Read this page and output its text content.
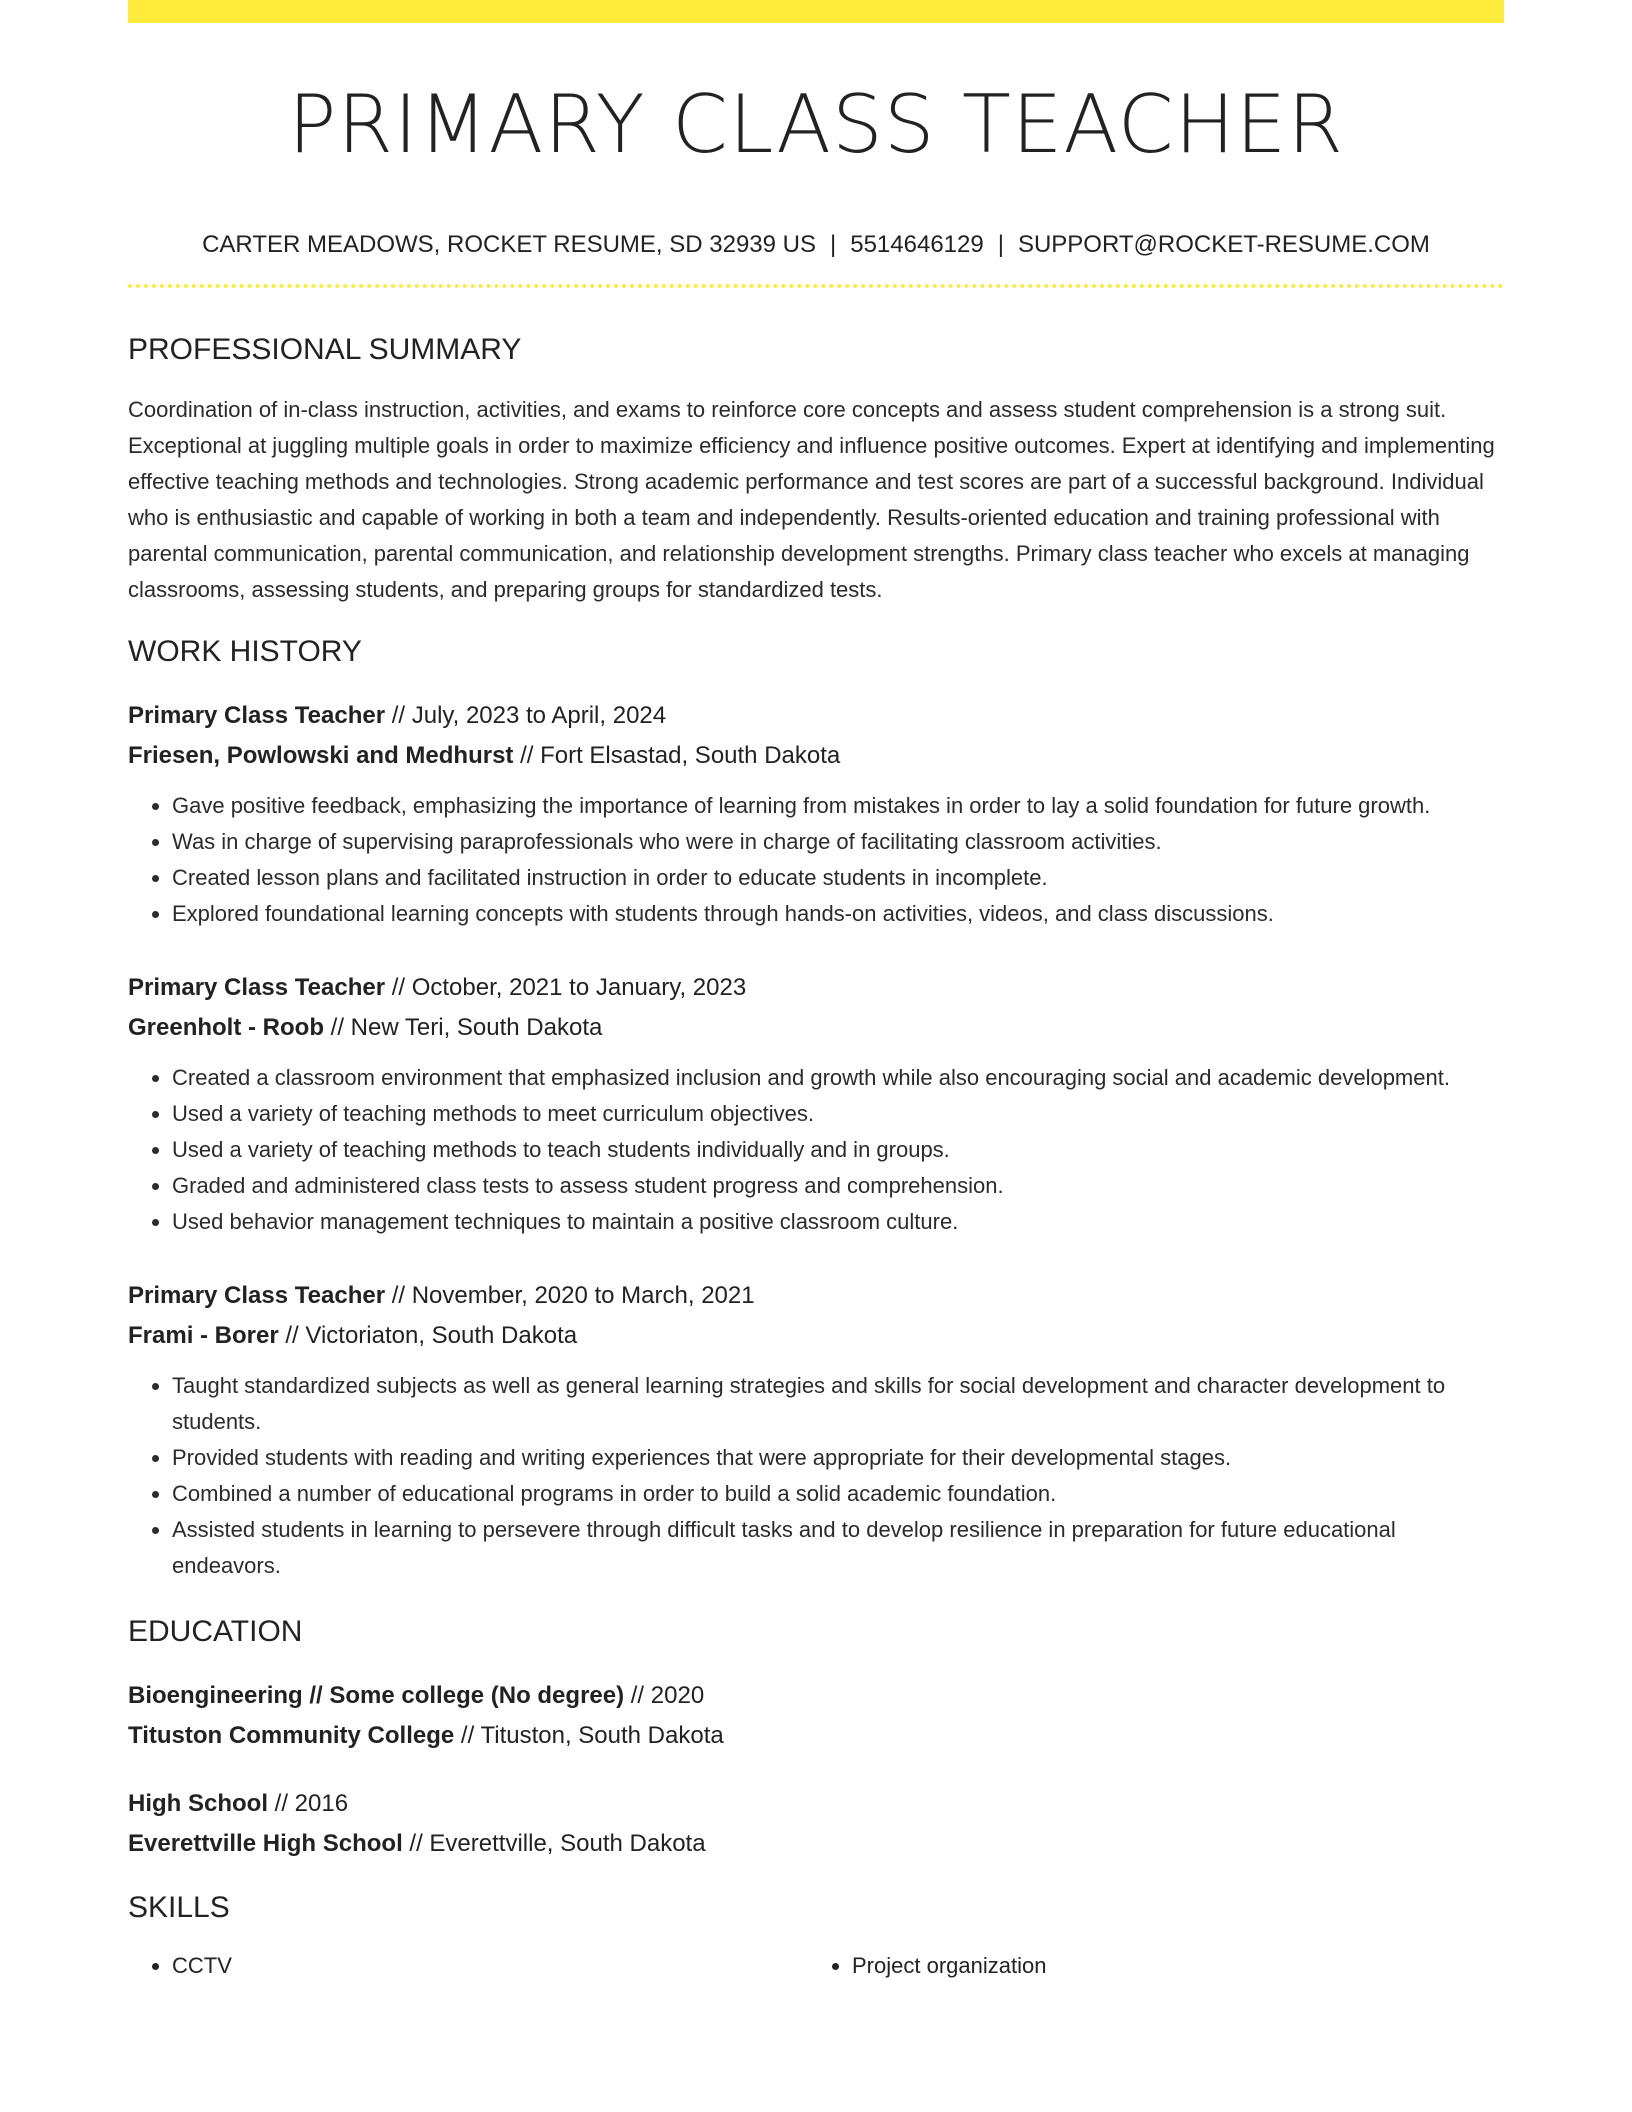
PRIMARY CLASS TEACHER
CARTER MEADOWS, ROCKET RESUME, SD 32939 US | 5514646129 | SUPPORT@ROCKET-RESUME.COM
PROFESSIONAL SUMMARY

Coordination of in-class instruction, activities, and exams to reinforce core concepts and assess student comprehension is a strong suit. Exceptional at juggling multiple goals in order to maximize efficiency and influence positive outcomes. Expert at identifying and implementing effective teaching methods and technologies. Strong academic performance and test scores are part of a successful background. Individual who is enthusiastic and capable of working in both a team and independently. Results-oriented education and training professional with parental communication, parental communication, and relationship development strengths. Primary class teacher who excels at managing classrooms, assessing students, and preparing groups for standardized tests.

WORK HISTORY
Primary Class Teacher // July, 2023 to April, 2024
Friesen, Powlowski and Medhurst // Fort Elsastad, South Dakota
• Gave positive feedback, emphasizing the importance of learning from mistakes in order to lay a solid foundation for future growth.
• Was in charge of supervising paraprofessionals who were in charge of facilitating classroom activities.
• Created lesson plans and facilitated instruction in order to educate students in incomplete.
• Explored foundational learning concepts with students through hands-on activities, videos, and class discussions.
Primary Class Teacher // October, 2021 to January, 2023
Greenholt - Roob // New Teri, South Dakota
• Created a classroom environment that emphasized inclusion and growth while also encouraging social and academic development.
• Used a variety of teaching methods to meet curriculum objectives.
• Used a variety of teaching methods to teach students individually and in groups.
• Graded and administered class tests to assess student progress and comprehension.
• Used behavior management techniques to maintain a positive classroom culture.
Primary Class Teacher // November, 2020 to March, 2021
Frami - Borer // Victoriaton, South Dakota
• Taught standardized subjects as well as general learning strategies and skills for social development and character development to students.
• Provided students with reading and writing experiences that were appropriate for their developmental stages.
• Combined a number of educational programs in order to build a solid academic foundation.
• Assisted students in learning to persevere through difficult tasks and to develop resilience in preparation for future educational endeavors.
EDUCATION
Bioengineering // Some college (No degree) // 2020
Tituston Community College // Tituston, South Dakota
High School // 2016
Everettville High School // Everettville, South Dakota
SKILLS
• CCTV
•	Project organization
